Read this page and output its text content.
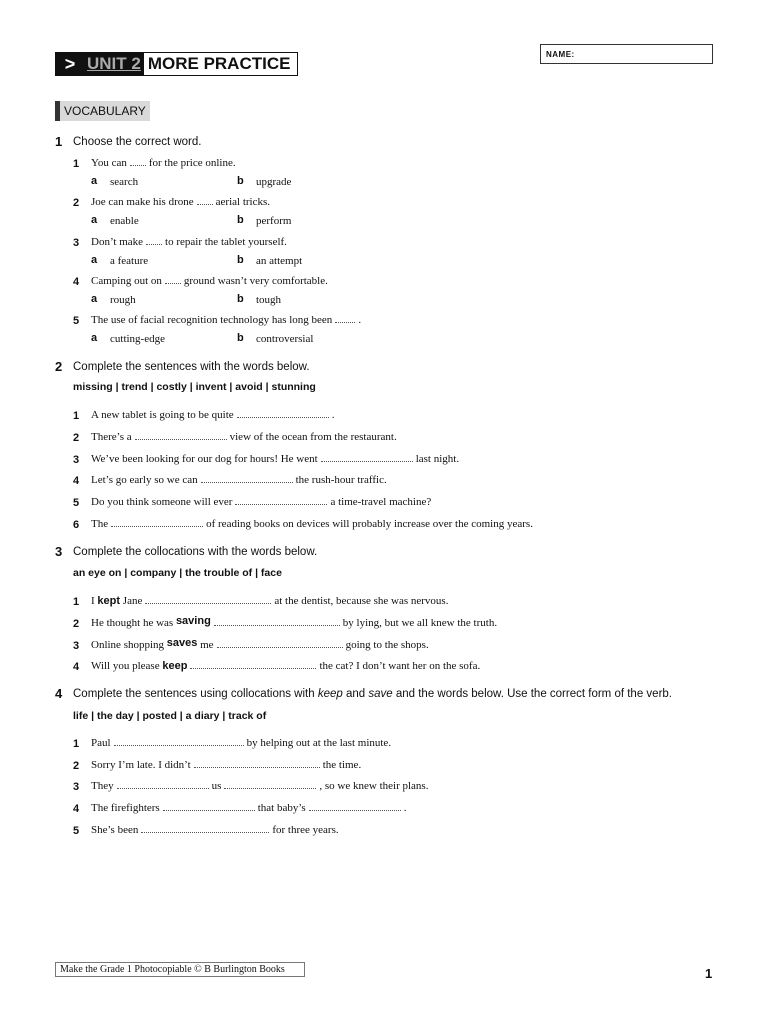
> UNIT 2 MORE PRACTICE	NAME:
VOCABULARY
1 Choose the correct word.
1 You can for the price online.
a search	b upgrade
2 Joe can make his drone aerial tricks.
a enable	b perform
3 Don’t make to repair the tablet yourself.
a a feature	b an attempt
4 Camping out on ground wasn’t very comfortable.
a rough	b tough
5 The use of facial recognition technology has long been .
a cutting-edge	b controversial
2 Complete the sentences with the words below.
missing | trend | costly | invent | avoid | stunning
1 A new tablet is going to be quite	.
2 There’s a	view of the ocean from the restaurant.
3 We’ve been looking for our dog for hours! He went	last night.
4 Let’s go early so we can	the rush-hour traffic.
5 Do you think someone will ever	a time-travel machine?
6 The	of reading books on devices will probably increase over the coming years.
3 Complete the collocations with the words below.
an eye on | company | the trouble of | face
1 I kept Jane	at the dentist, because she was nervous.
2 He thought he was saving	by lying, but we all knew the truth.
3 Online shopping saves me	going to the shops.
4 Will you please keep	the cat? I don’t want her on the sofa.
4 Complete the sentences using collocations with keep and save and the words below. Use the correct form of the verb.
life | the day | posted | a diary | track of
1 Paul	by helping out at the last minute.
2 Sorry I’m late. I didn’t	the time.
3 They	us	, so we knew their plans.
4 The firefighters	that baby’s	.
5 She’s been	for three years.
Make the Grade 1 Photocopiable © B Burlington Books	1
